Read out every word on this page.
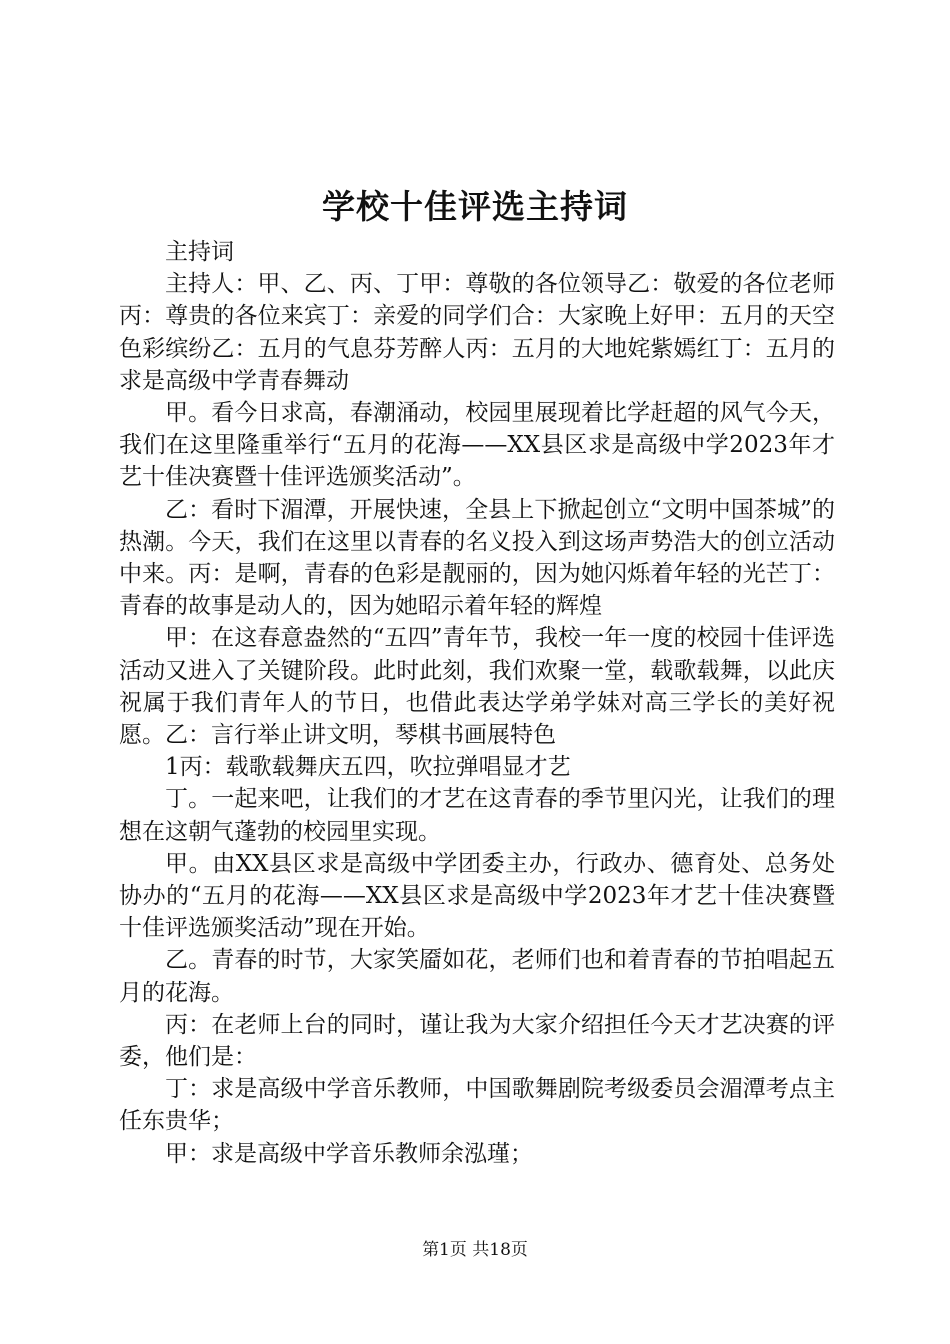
学校十佳评选主持词

主持词

主持人：甲、乙、丙、丁甲：尊敬的各位领导乙：敬爱的各位老师丙：尊贵的各位来宾丁：亲爱的同学们合：大家晚上好甲：五月的天空色彩缤纷乙：五月的气息芬芳醉人丙：五月的大地姹紫嫣红丁：五月的求是高级中学青春舞动

甲。看今日求高，春潮涌动，校园里展现着比学赶超的风气今天，我们在这里隆重举行“五月的花海——XX县区求是高级中学2023年才艺十佳决赛暨十佳评选颁奖活动”。

乙：看时下湄潭，开展快速，全县上下掀起创立“文明中国茶城”的热潮。今天，我们在这里以青春的名义投入到这场声势浩大的创立活动中来。丙：是啊，青春的色彩是靓丽的，因为她闪烁着年轻的光芒丁：青春的故事是动人的，因为她昭示着年轻的辉煌

甲：在这春意盎然的“五四”青年节，我校一年一度的校园十佳评选活动又进入了关键阶段。此时此刻，我们欢聚一堂，载歌载舞，以此庆祝属于我们青年人的节日，也借此表达学弟学妹对高三学长的美好祝愿。乙：言行举止讲文明，琴棋书画展特色

1丙：载歌载舞庆五四，吹拉弹唱显才艺

丁。一起来吧，让我们的才艺在这青春的季节里闪光，让我们的理想在这朝气蓬勃的校园里实现。

甲。由XX县区求是高级中学团委主办，行政办、德育处、总务处协办的“五月的花海——XX县区求是高级中学2023年才艺十佳决赛暨十佳评选颁奖活动”现在开始。

乙。青春的时节，大家笑靥如花，老师们也和着青春的节拍唱起五月的花海。

丙：在老师上台的同时，谨让我为大家介绍担任今天才艺决赛的评委，他们是：

丁：求是高级中学音乐教师，中国歌舞剧院考级委员会湄潭考点主任东贵华；

甲：求是高级中学音乐教师余泓瑾；

第1页 共18页
